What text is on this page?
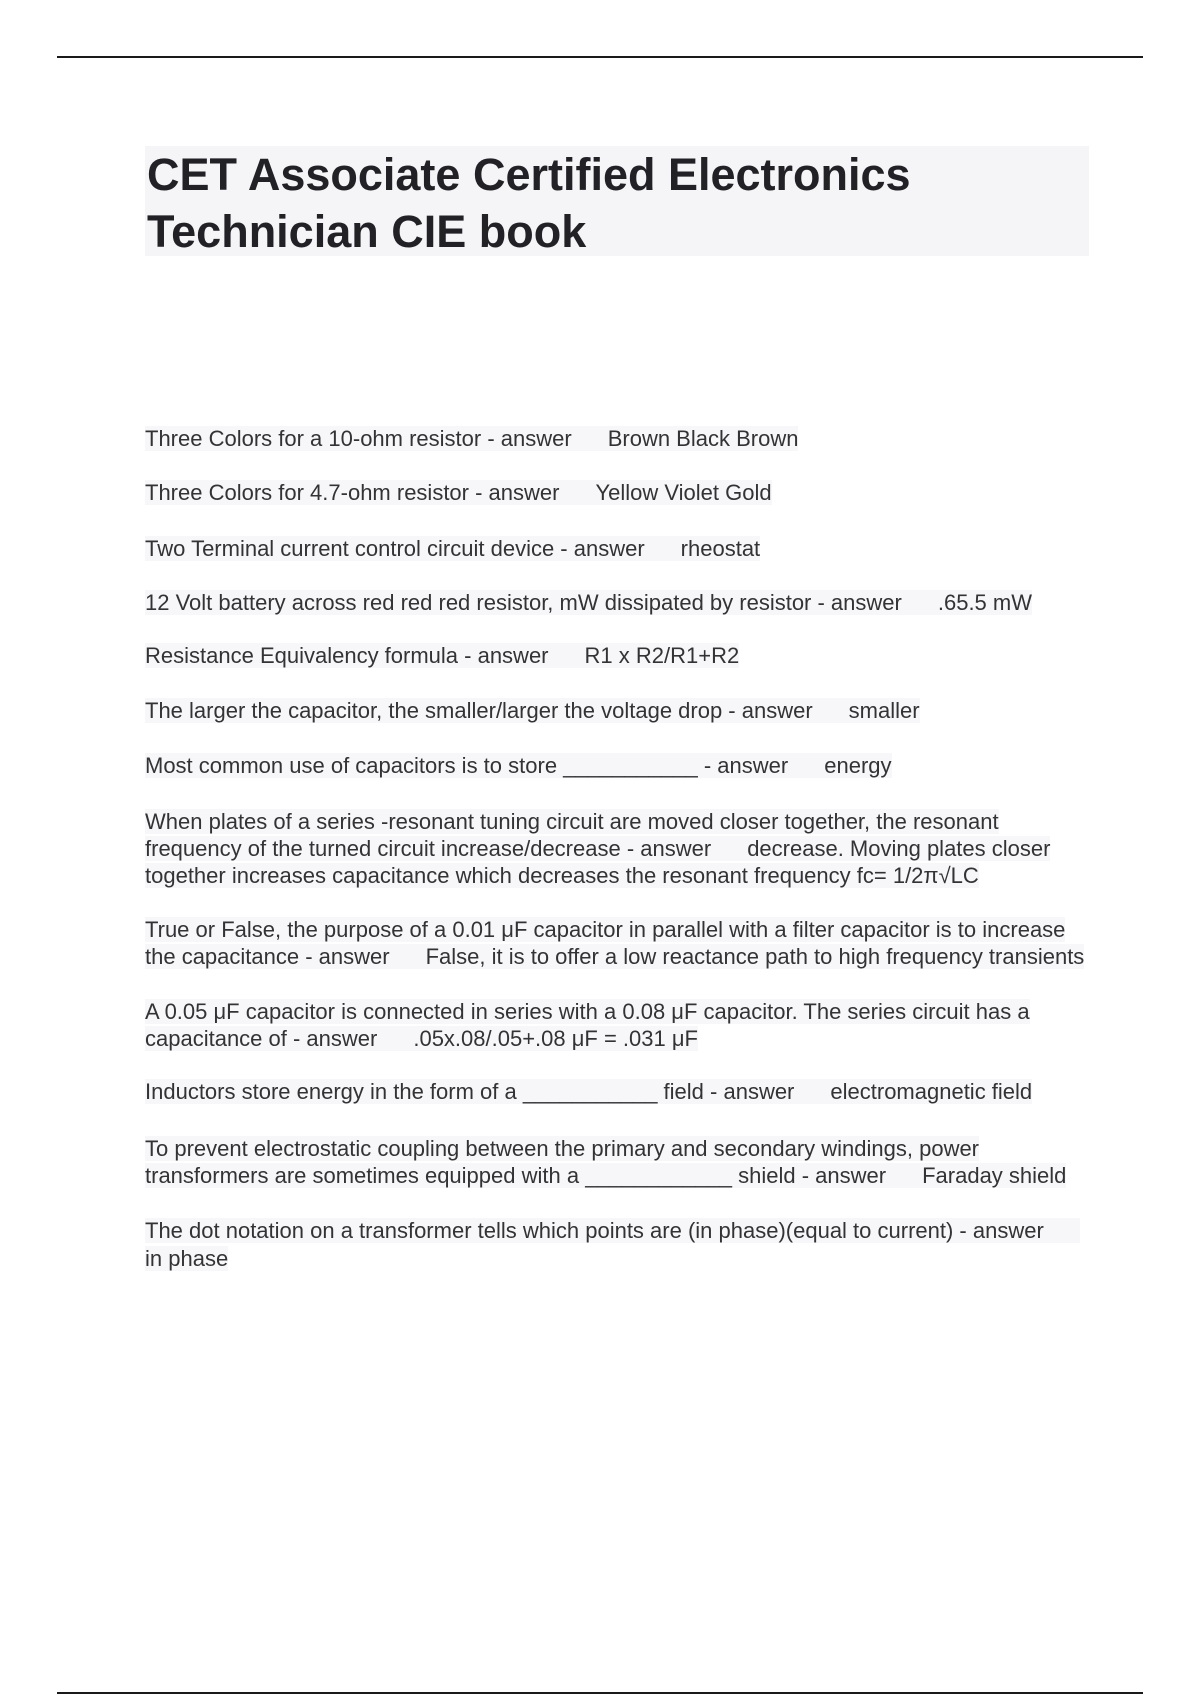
CET Associate Certified Electronics Technician CIE book

Three Colors for a 10-ohm resistor - answer Brown Black Brown

Three Colors for 4.7-ohm resistor - answer Yellow Violet Gold

Two Terminal current control circuit device - answer rheostat

12 Volt battery across red red red resistor, mW dissipated by resistor - answer .65.5 mW

Resistance Equivalency formula - answer R1 x R2/R1+R2

The larger the capacitor, the smaller/larger the voltage drop - answer smaller

Most common use of capacitors is to store ___________ - answer energy

When plates of a series -resonant tuning circuit are moved closer together, the resonant frequency of the turned circuit increase/decrease - answer decrease. Moving plates closer together increases capacitance which decreases the resonant frequency fc= 1/2π√LC

True or False, the purpose of a 0.01 μF capacitor in parallel with a filter capacitor is to increase the capacitance - answer False, it is to offer a low reactance path to high frequency transients

A 0.05 μF capacitor is connected in series with a 0.08 μF capacitor. The series circuit has a capacitance of - answer .05x.08/.05+.08 μF = .031 μF

Inductors store energy in the form of a ___________ field - answer electromagnetic field

To prevent electrostatic coupling between the primary and secondary windings, power transformers are sometimes equipped with a ____________ shield - answer Faraday shield

The dot notation on a transformer tells which points are (in phase)(equal to current) - answerin phase
